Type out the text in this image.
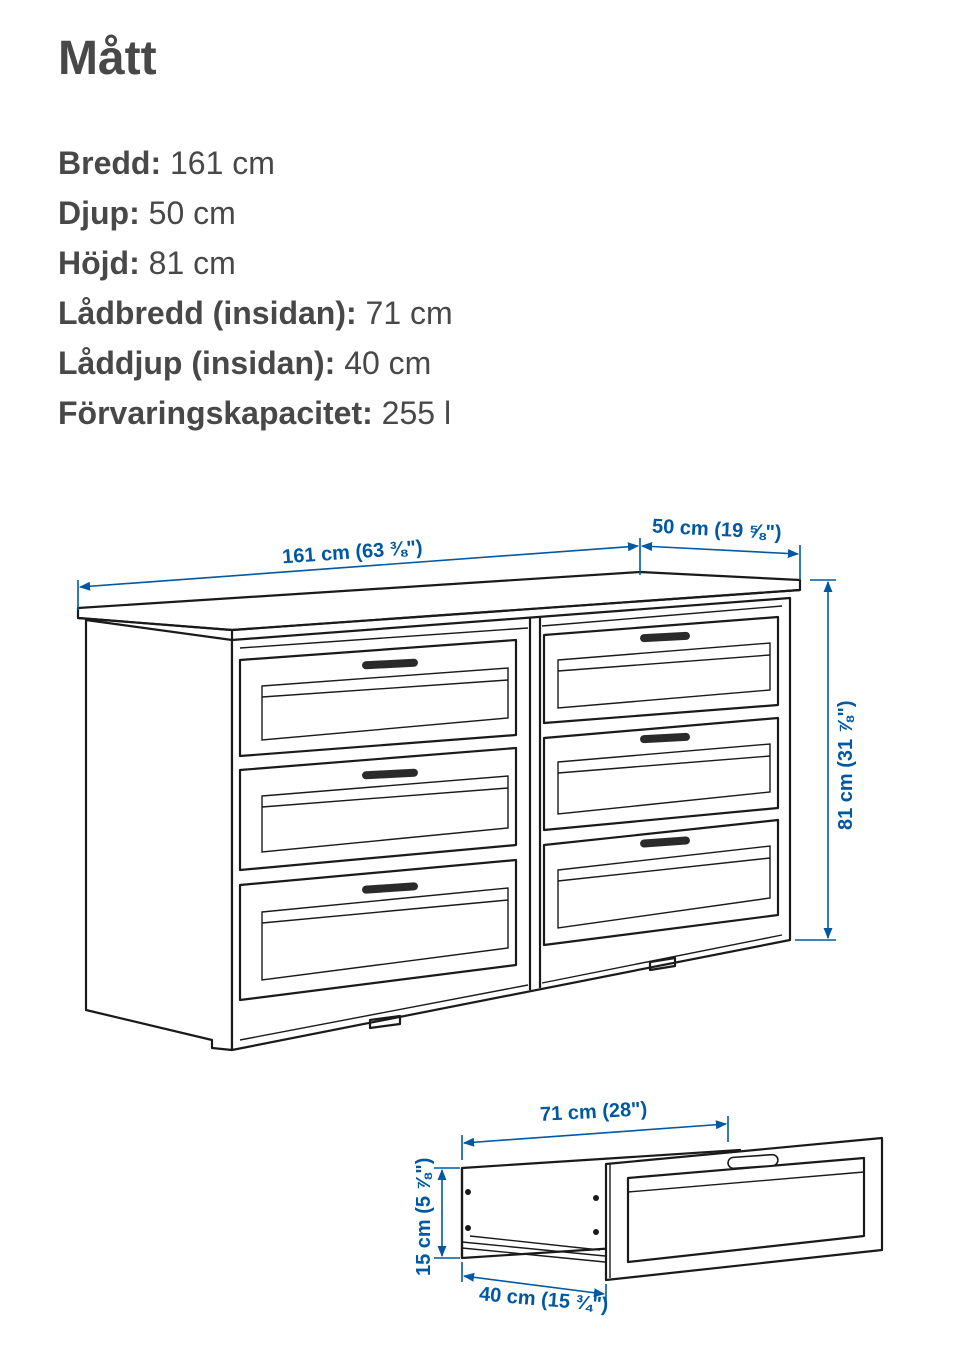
Mått
Bredd: 161 cm
Djup: 50 cm
Höjd: 81 cm
Lådbredd (insidan): 71 cm
Låddjup (insidan): 40 cm
Förvaringskapacitet: 255 l
161 cm (63 ⅜")
50 cm (19 ⅝")
81 cm (31 ⅞")
71 cm (28")
15 cm (5 ⅞")
40 cm (15 ¾")
